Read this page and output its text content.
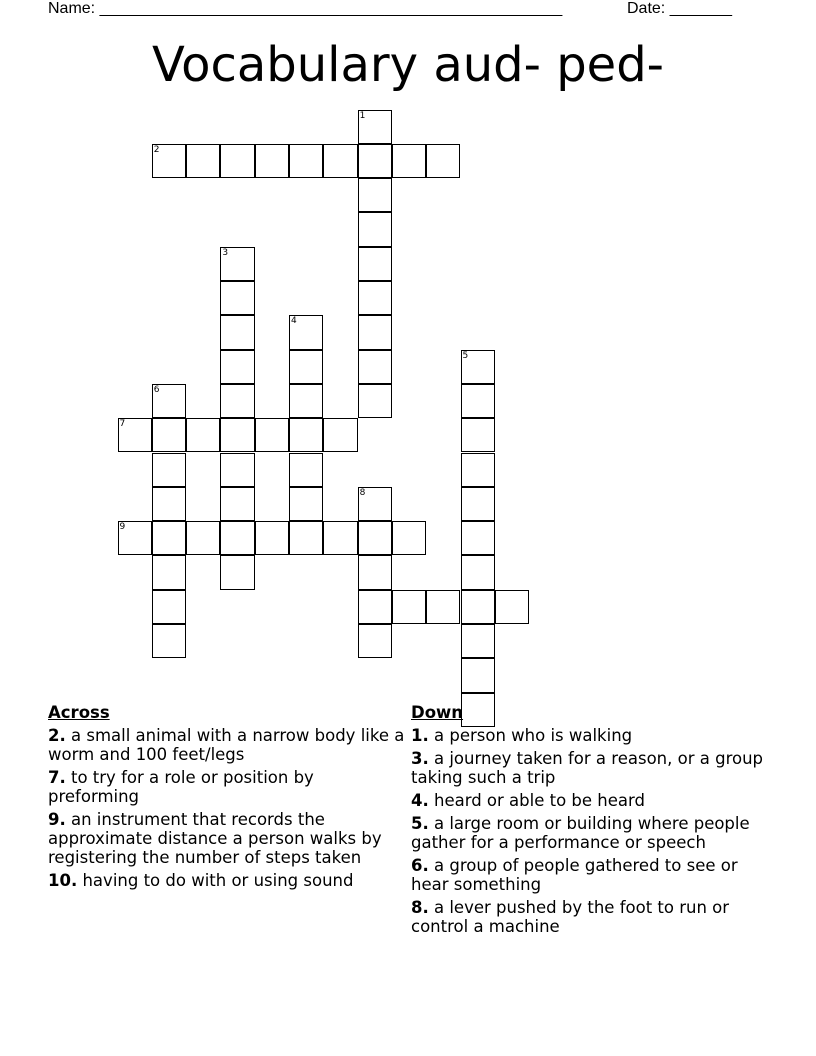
Name: ____________________________________________________	Date: _______
Vocabulary aud- ped-
1
2
3
4
5
6
7
8
9
Across
2. a small animal with a narrow body like a worm and 100 feet/legs
7. to try for a role or position by preforming
9. an instrument that records the approximate distance a person walks by registering the number of steps taken
10. having to do with or using sound
Down
1. a person who is walking
3. a journey taken for a reason, or a group taking such a trip
4. heard or able to be heard
5. a large room or building where people gather for a performance or speech
6. a group of people gathered to see or hear something
8. a lever pushed by the foot to run or control a machine
